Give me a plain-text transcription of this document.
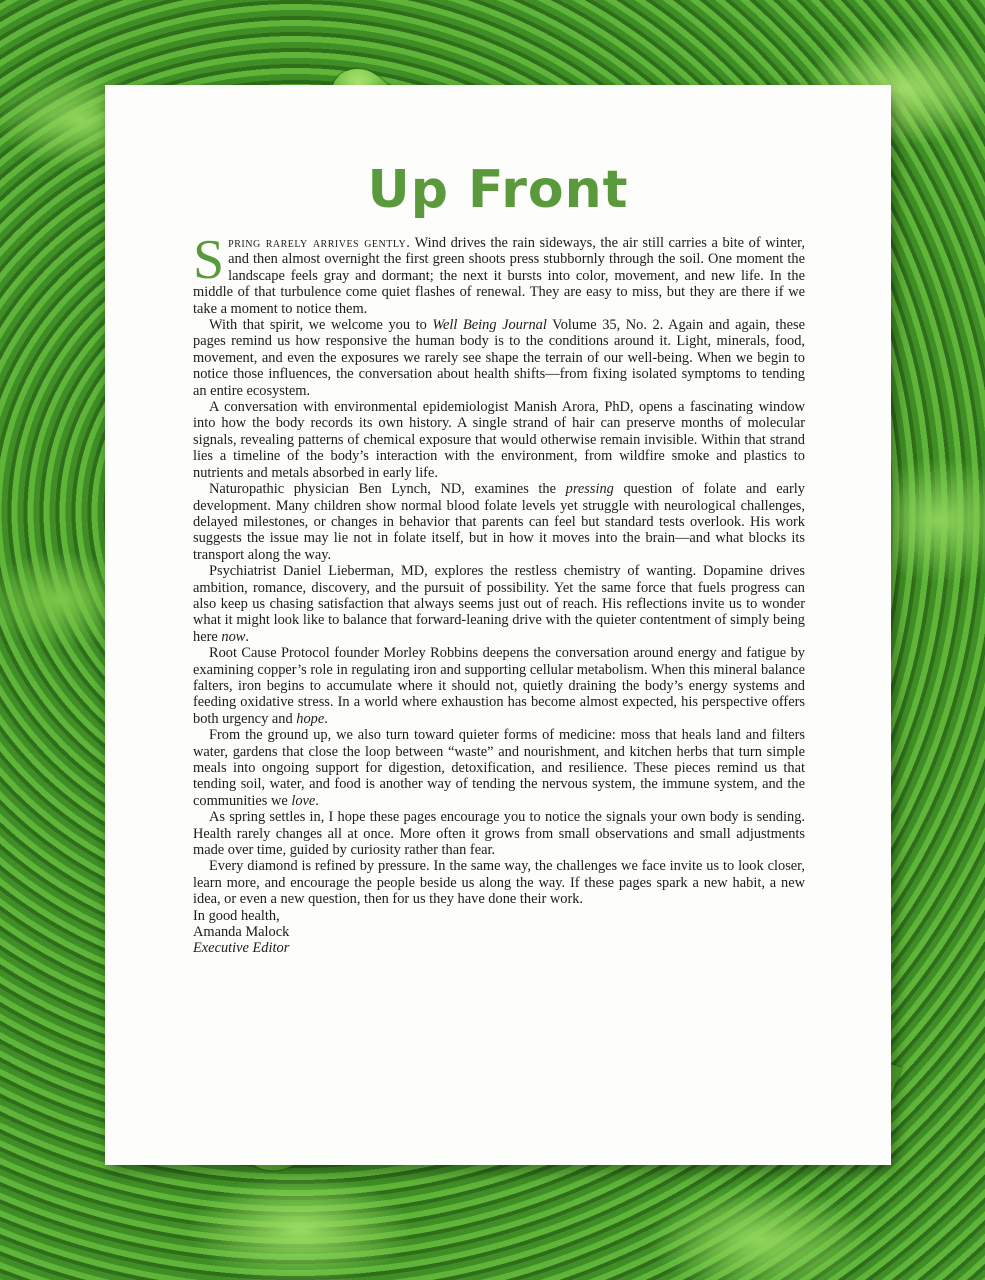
Up Front

Spring rarely arrives gently. Wind drives the rain sideways, the air still carries a bite of winter, and then almost overnight the first green shoots press stubbornly through the soil. One moment the landscape feels gray and dormant; the next it bursts into color, movement, and new life. In the middle of that turbulence come quiet flashes of renewal. They are easy to miss, but they are there if we take a moment to notice them.

With that spirit, we welcome you to Well Being Journal Volume 35, No. 2. Again and again, these pages remind us how responsive the human body is to the conditions around it. Light, minerals, food, movement, and even the exposures we rarely see shape the terrain of our well-being. When we begin to notice those influences, the conversation about health shifts—from fixing isolated symptoms to tending an entire ecosystem.

A conversation with environmental epidemiologist Manish Arora, PhD, opens a fascinating window into how the body records its own history. A single strand of hair can preserve months of molecular signals, revealing patterns of chemical exposure that would otherwise remain invisible. Within that strand lies a timeline of the body’s interaction with the environment, from wildfire smoke and plastics to nutrients and metals absorbed in early life.

Naturopathic physician Ben Lynch, ND, examines the pressing question of folate and early development. Many children show normal blood folate levels yet struggle with neurological challenges, delayed milestones, or changes in behavior that parents can feel but standard tests overlook. His work suggests the issue may lie not in folate itself, but in how it moves into the brain—and what blocks its transport along the way.

Psychiatrist Daniel Lieberman, MD, explores the restless chemistry of wanting. Dopamine drives ambition, romance, discovery, and the pursuit of possibility. Yet the same force that fuels progress can also keep us chasing satisfaction that always seems just out of reach. His reflections invite us to wonder what it might look like to balance that forward-leaning drive with the quieter contentment of simply being here now.

Root Cause Protocol founder Morley Robbins deepens the conversation around energy and fatigue by examining copper’s role in regulating iron and supporting cellular metabolism. When this mineral balance falters, iron begins to accumulate where it should not, quietly draining the body’s energy systems and feeding oxidative stress. In a world where exhaustion has become almost expected, his perspective offers both urgency and hope.

From the ground up, we also turn toward quieter forms of medicine: moss that heals land and filters water, gardens that close the loop between “waste” and nourishment, and kitchen herbs that turn simple meals into ongoing support for digestion, detoxification, and resilience. These pieces remind us that tending soil, water, and food is another way of tending the nervous system, the immune system, and the communities we love.

As spring settles in, I hope these pages encourage you to notice the signals your own body is sending. Health rarely changes all at once. More often it grows from small observations and small adjustments made over time, guided by curiosity rather than fear.

Every diamond is refined by pressure. In the same way, the challenges we face invite us to look closer, learn more, and encourage the people beside us along the way. If these pages spark a new habit, a new idea, or even a new question, then for us they have done their work.

In good health,
Amanda Malock
Executive Editor
